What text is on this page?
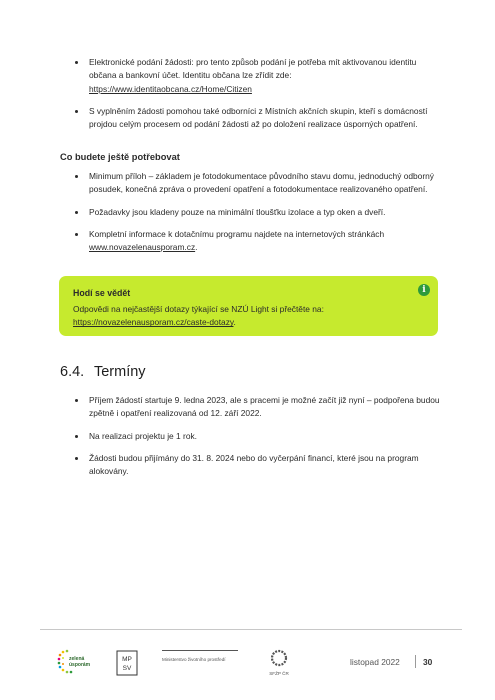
Elektronické podání žádosti: pro tento způsob podání je potřeba mít aktivovanou identitu občana a bankovní účet. Identitu občana lze zřídit zde: https://www.identitaobcana.cz/Home/Citizen
S vyplněním žádosti pomohou také odborníci z Místních akčních skupin, kteří s domácností projdou celým procesem od podání žádosti až po doložení realizace úsporných opatření.
Co budete ještě potřebovat
Minimum příloh – základem je fotodokumentace původního stavu domu, jednoduchý odborný posudek, konečná zpráva o provedení opatření a fotodokumentace realizovaného opatření.
Požadavky jsou kladeny pouze na minimální tloušťku izolace a typ oken a dveří.
Kompletní informace k dotačnímu programu najdete na internetových stránkách www.novazelenausporam.cz.
Hodí se vědět
Odpovědi na nejčastější dotazy týkající se NZÚ Light si přečtěte na: https://novazelenausporam.cz/caste-dotazy.
i
6.4. Termíny
Příjem žádostí startuje 9. ledna 2023, ale s pracemi je možné začít již nyní – podpořena budou zpětně i opatření realizovaná od 12. září 2022.
Na realizaci projektu je 1 rok.
Žádosti budou přijímány do 31. 8. 2024 nebo do vyčerpání financí, které jsou na program alokovány.
zelená
úsporám
MP
SV
Ministerstvo životního prostředí
SFŽP ČR
listopad 2022	30
